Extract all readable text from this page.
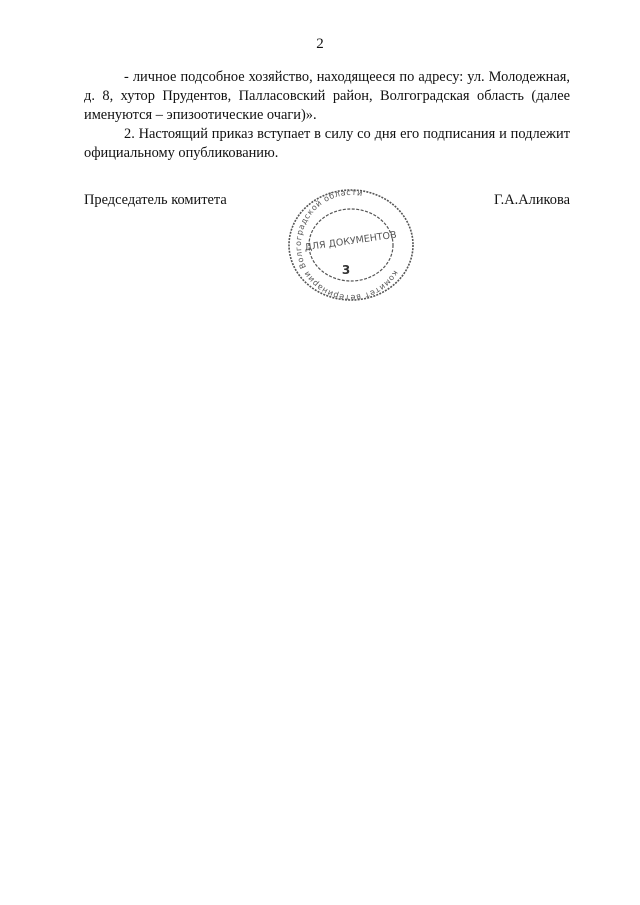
2

- личное подсобное хозяйство, находящееся по адресу: ул. Молодежная, д. 8, хутор Прудентов, Палласовский район, Волгоградская область (далее именуются – эпизоотические очаги)».

2. Настоящий приказ вступает в силу со дня его подписания и подлежит официальному опубликованию.

Председатель комитета	Г.А.Аликова
комитет ветеринарии Волгоградской области
ДЛЯ ДОКУМЕНТОВ
3
